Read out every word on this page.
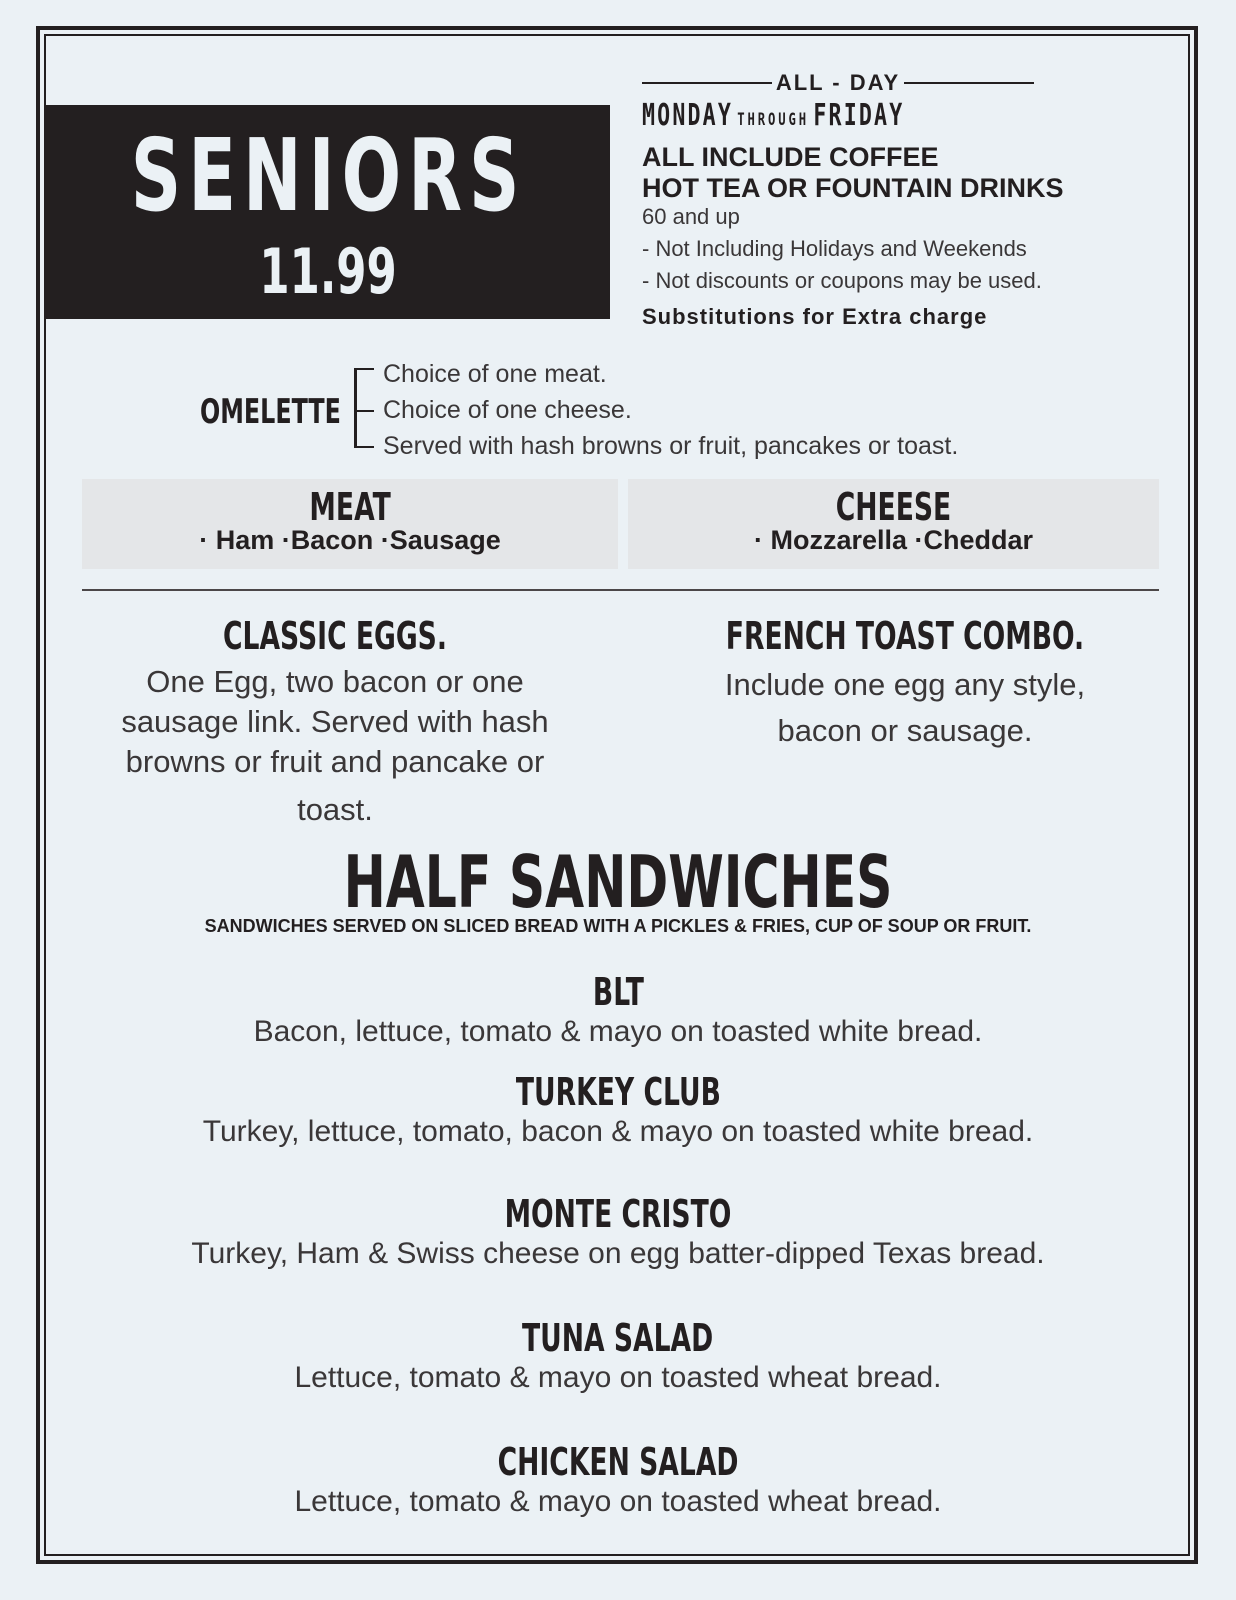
SENIORS
11.99
ALL - DAY
MONDAY THROUGH FRIDAY
ALL INCLUDE COFFEE
HOT TEA OR FOUNTAIN DRINKS
60 and up
- Not Including Holidays and Weekends
- Not discounts or coupons may be used.
Substitutions for Extra charge
OMELETTE
Choice of one meat.
Choice of one cheese.
Served with hash browns or fruit, pancakes or toast.
MEAT
· Ham ·Bacon ·Sausage
CHEESE
· Mozzarella ·Cheddar
CLASSIC EGGS.
One Egg, two bacon or one
sausage link. Served with hash
browns or fruit and pancake or
toast.
FRENCH TOAST COMBO.
Include one egg any style,
bacon or sausage.
HALF SANDWICHES
SANDWICHES SERVED ON SLICED BREAD WITH A PICKLES & FRIES, CUP OF SOUP OR FRUIT.
BLT
Bacon, lettuce, tomato & mayo on toasted white bread.
TURKEY CLUB
Turkey, lettuce, tomato, bacon & mayo on toasted white bread.
MONTE CRISTO
Turkey, Ham & Swiss cheese on egg batter-dipped Texas bread.
TUNA SALAD
Lettuce, tomato & mayo on toasted wheat bread.
CHICKEN SALAD
Lettuce, tomato & mayo on toasted wheat bread.
